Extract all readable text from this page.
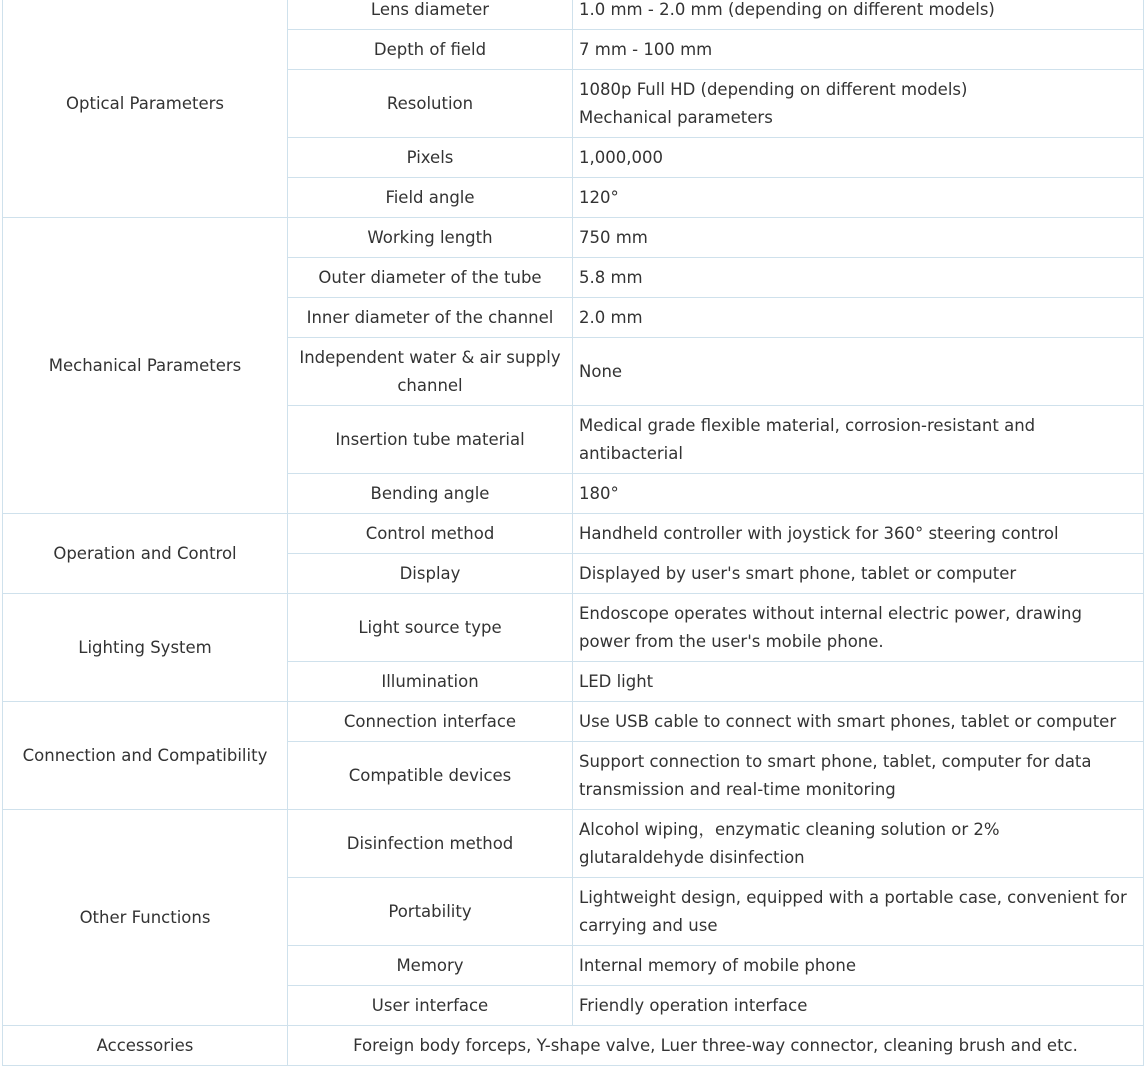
Optical Parameters	Lens diameter	1.0 mm - 2.0 mm (depending on different models)

	Depth of field	7 mm - 100 mm

	Resolution	1080p Full HD (depending on different models)
Mechanical parameters

	Pixels	1,000,000

	Field angle	120°

Mechanical Parameters	Working length	750 mm

	Outer diameter of the tube	5.8 mm

	Inner diameter of the channel	2.0 mm

	Independent water & air supply channel	None

	Insertion tube material	Medical grade flexible material, corrosion-resistant and
antibacterial

	Bending angle	180°

Operation and Control	Control method	Handheld controller with joystick for 360° steering control

	Display	Displayed by user's smart phone, tablet or computer

Lighting System	Light source type	Endoscope operates without internal electric power, drawing
power from the user's mobile phone.

	Illumination	LED light

Connection and Compatibility	Connection interface	Use USB cable to connect with smart phones, tablet or computer

	Compatible devices	Support connection to smart phone, tablet, computer for data
transmission and real-time monitoring

Other Functions	Disinfection method	Alcohol wiping，enzymatic cleaning solution or 2%
glutaraldehyde disinfection

	Portability	Lightweight design, equipped with a portable case, convenient for
carrying and use

	Memory	Internal memory of mobile phone

	User interface	Friendly operation interface

Accessories	Foreign body forceps, Y-shape valve, Luer three-way connector, cleaning brush and etc.	
